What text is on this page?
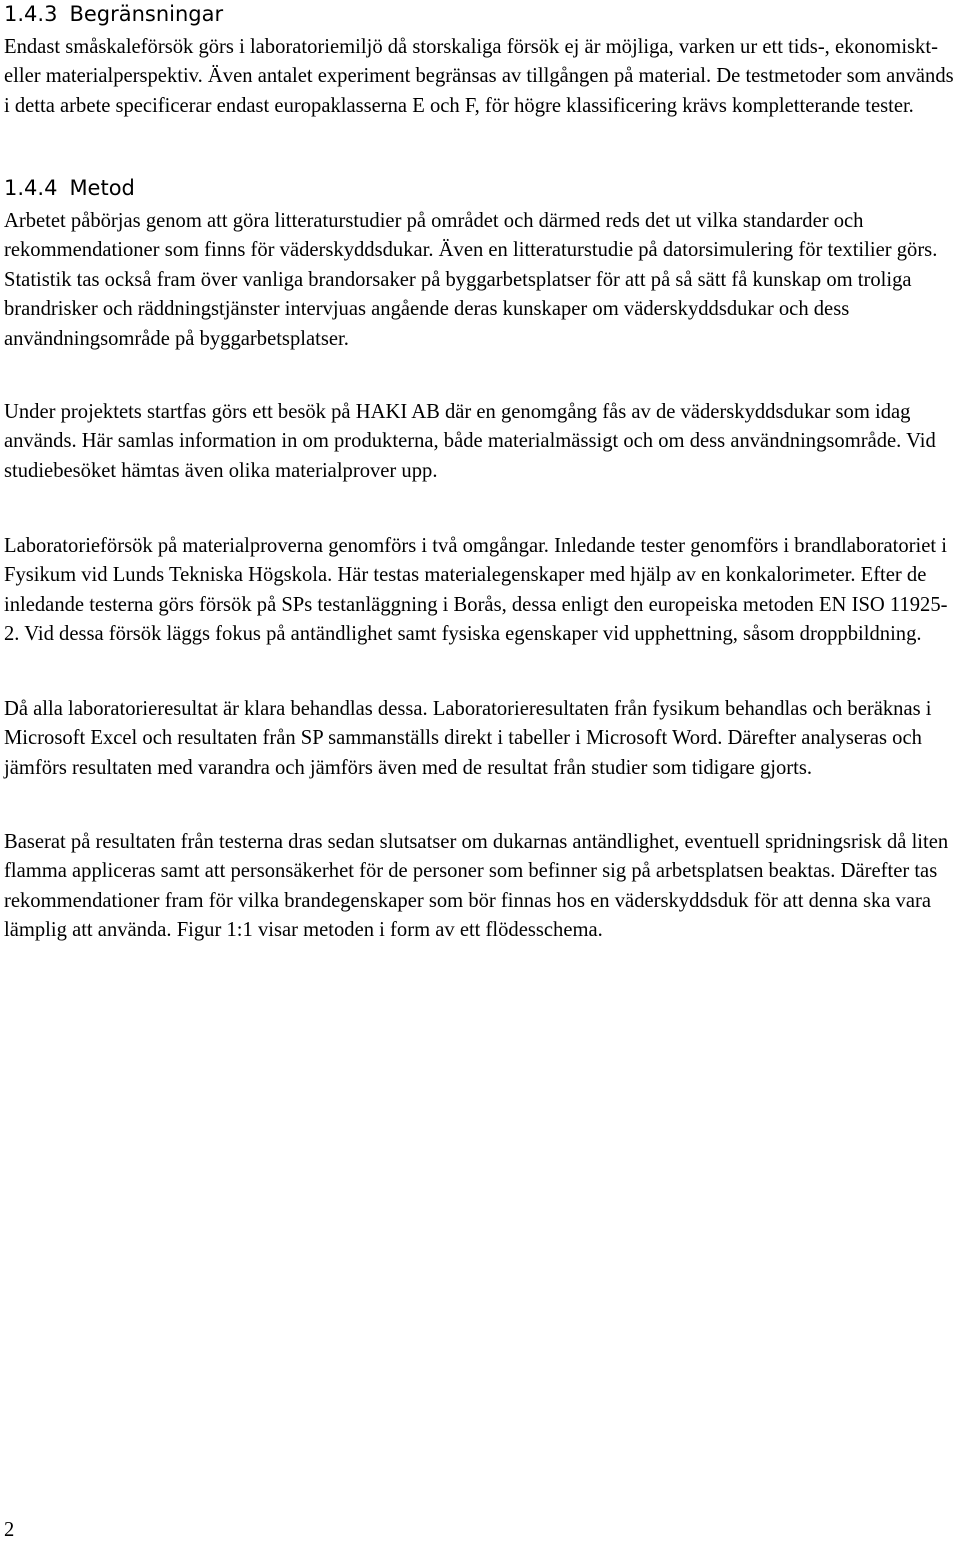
1.4.3 Begränsningar

Endast småskaleförsök görs i laboratoriemiljö då storskaliga försök ej är möjliga, varken ur ett tids-, ekonomiskt- eller materialperspektiv. Även antalet experiment begränsas av tillgången på material. De testmetoder som används i detta arbete specificerar endast europaklasserna E och F, för högre klassificering krävs kompletterande tester.

1.4.4 Metod

Arbetet påbörjas genom att göra litteraturstudier på området och därmed reds det ut vilka standarder och rekommendationer som finns för väderskyddsdukar. Även en litteraturstudie på datorsimulering för textilier görs. Statistik tas också fram över vanliga brandorsaker på byggarbetsplatser för att på så sätt få kunskap om troliga brandrisker och räddningstjänster intervjuas angående deras kunskaper om väderskyddsdukar och dess användningsområde på byggarbetsplatser.

Under projektets startfas görs ett besök på HAKI AB där en genomgång fås av de väderskyddsdukar som idag används. Här samlas information in om produkterna, både materialmässigt och om dess användningsområde. Vid studiebesöket hämtas även olika materialprover upp.

Laboratorieförsök på materialproverna genomförs i två omgångar. Inledande tester genomförs i brandlaboratoriet i Fysikum vid Lunds Tekniska Högskola. Här testas materialegenskaper med hjälp av en konkalorimeter. Efter de inledande testerna görs försök på SPs testanläggning i Borås, dessa enligt den europeiska metoden EN ISO 11925-2. Vid dessa försök läggs fokus på antändlighet samt fysiska egenskaper vid upphettning, såsom droppbildning.

Då alla laboratorieresultat är klara behandlas dessa. Laboratorieresultaten från fysikum behandlas och beräknas i Microsoft Excel och resultaten från SP sammanställs direkt i tabeller i Microsoft Word. Därefter analyseras och jämförs resultaten med varandra och jämförs även med de resultat från studier som tidigare gjorts.

Baserat på resultaten från testerna dras sedan slutsatser om dukarnas antändlighet, eventuell spridningsrisk då liten flamma appliceras samt att personsäkerhet för de personer som befinner sig på arbetsplatsen beaktas. Därefter tas rekommendationer fram för vilka brandegenskaper som bör finnas hos en väderskyddsduk för att denna ska vara lämplig att använda. Figur 1:1 visar metoden i form av ett flödesschema.

2
